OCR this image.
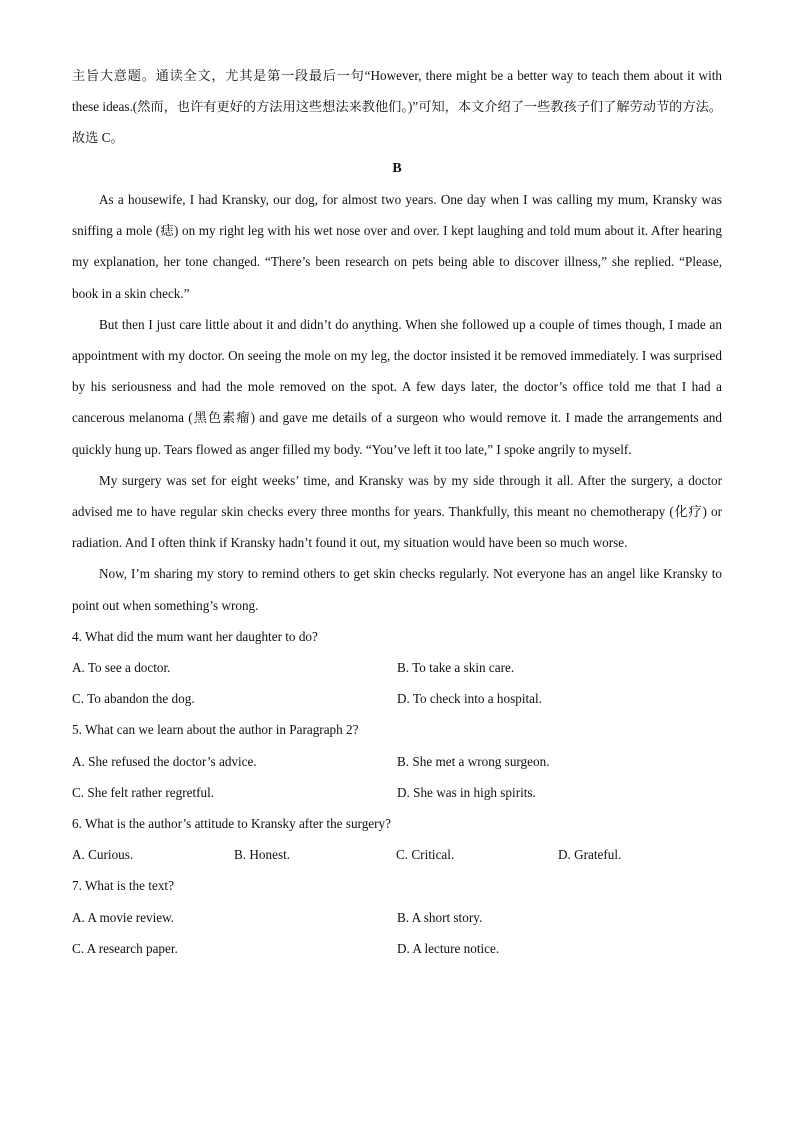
主旨大意题。通读全文，尤其是第一段最后一句“However, there might be a better way to teach them about it with these ideas.(然而，也许有更好的方法用这些想法来教他们。)”可知，本文介绍了一些教孩子们了解劳动节的方法。故选 C。

B

As a housewife, I had Kransky, our dog, for almost two years. One day when I was calling my mum, Kransky was sniffing a mole (痣) on my right leg with his wet nose over and over. I kept laughing and told mum about it. After hearing my explanation, her tone changed. “There’s been research on pets being able to discover illness,” she replied. “Please, book in a skin check.”

But then I just care little about it and didn’t do anything. When she followed up a couple of times though, I made an appointment with my doctor. On seeing the mole on my leg, the doctor insisted it be removed immediately. I was surprised by his seriousness and had the mole removed on the spot. A few days later, the doctor’s office told me that I had a cancerous melanoma (黑色素瘤) and gave me details of a surgeon who would remove it. I made the arrangements and quickly hung up. Tears flowed as anger filled my body. “You’ve left it too late,” I spoke angrily to myself.

My surgery was set for eight weeks’ time, and Kransky was by my side through it all. After the surgery, a doctor advised me to have regular skin checks every three months for years. Thankfully, this meant no chemotherapy (化疗) or radiation. And I often think if Kransky hadn’t found it out, my situation would have been so much worse.

Now, I’m sharing my story to remind others to get skin checks regularly. Not everyone has an angel like Kransky to point out when something’s wrong.

4. What did the mum want her daughter to do?

A. To see a doctor.	B. To take a skin care.
C. To abandon the dog.	D. To check into a hospital.

5. What can we learn about the author in Paragraph 2?

A. She refused the doctor’s advice.	B. She met a wrong surgeon.
C. She felt rather regretful.	D. She was in high spirits.

6. What is the author’s attitude to Kransky after the surgery?

A. Curious.	B. Honest.	C. Critical.	D. Grateful.

7. What is the text?

A. A movie review.	B. A short story.
C. A research paper.	D. A lecture notice.
